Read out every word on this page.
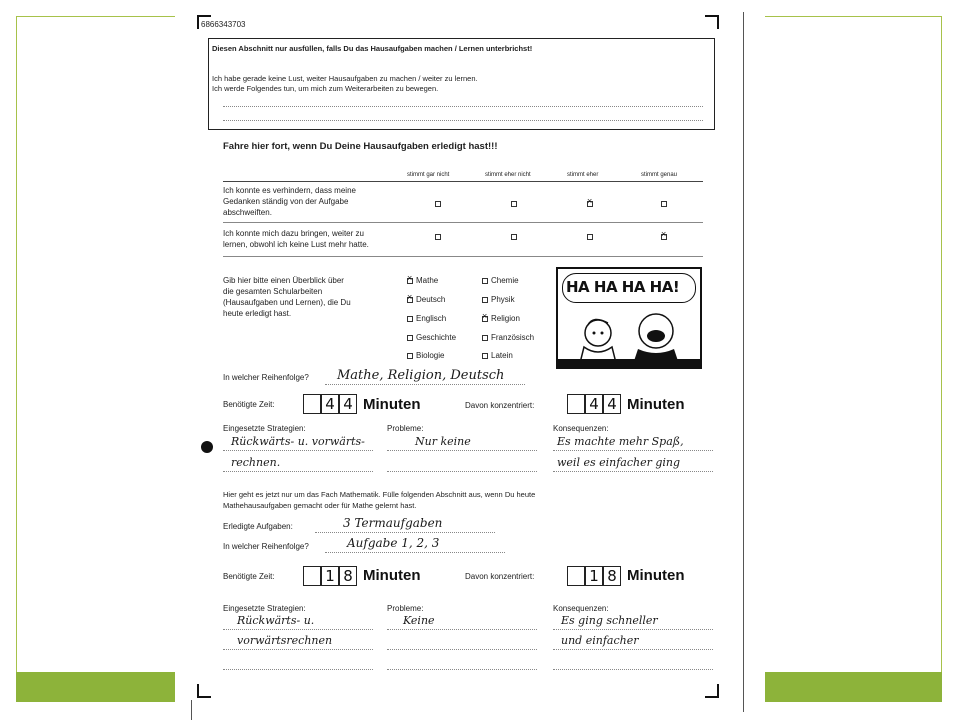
6866343703
Diesen Abschnitt nur ausfüllen, falls Du das Hausaufgaben machen / Lernen unterbrichst!
Ich habe gerade keine Lust, weiter Hausaufgaben zu machen / weiter zu lernen.
Ich werde Folgendes tun, um mich zum Weiterarbeiten zu bewegen.
Fahre hier fort, wenn Du Deine Hausaufgaben erledigt hast!!!
stimmt gar nicht	stimmt eher nicht	stimmt eher	stimmt genau
Ich konnte es verhindern, dass meine
Gedanken ständig von der Aufgabe
abschweiften.
×
Ich konnte mich dazu bringen, weiter zu
lernen, obwohl ich keine Lust mehr hatte.
×
Gib hier bitte einen Überblick über
die gesamten Schularbeiten
(Hausaufgaben und Lernen), die Du
heute erledigt hast.
×
Mathe	Chemie
×
Deutsch	Physik
Englisch
×	Religion
Geschichte	Französisch
Biologie	Latein
HA HA HA HA!
In welcher Reihenfolge? Mathe, Religion, Deutsch
Benötigte Zeit:	4 4 Minuten	Davon konzentriert:	4 4 Minuten
Eingesetzte Strategien:	Probleme:	Konsequenzen:
Rückwärts- u. vorwärts-
rechnen.
Nur keine	Es machte mehr Spaß,
weil es einfacher ging
Hier geht es jetzt nur um das Fach Mathematik. Fülle folgenden Abschnitt aus, wenn Du heute
Mathehausaufgaben gemacht oder für Mathe gelernt hast.
Erledigte Aufgaben:	3 Termaufgaben
In welcher Reihenfolge?	Aufgabe 1, 2, 3
Benötigte Zeit:	1 8 Minuten	Davon konzentriert:	1 8 Minuten
Eingesetzte Strategien:	Probleme:	Konsequenzen:
Rückwärts- u.
vorwärtsrechnen
Keine	Es ging schneller
und einfacher
